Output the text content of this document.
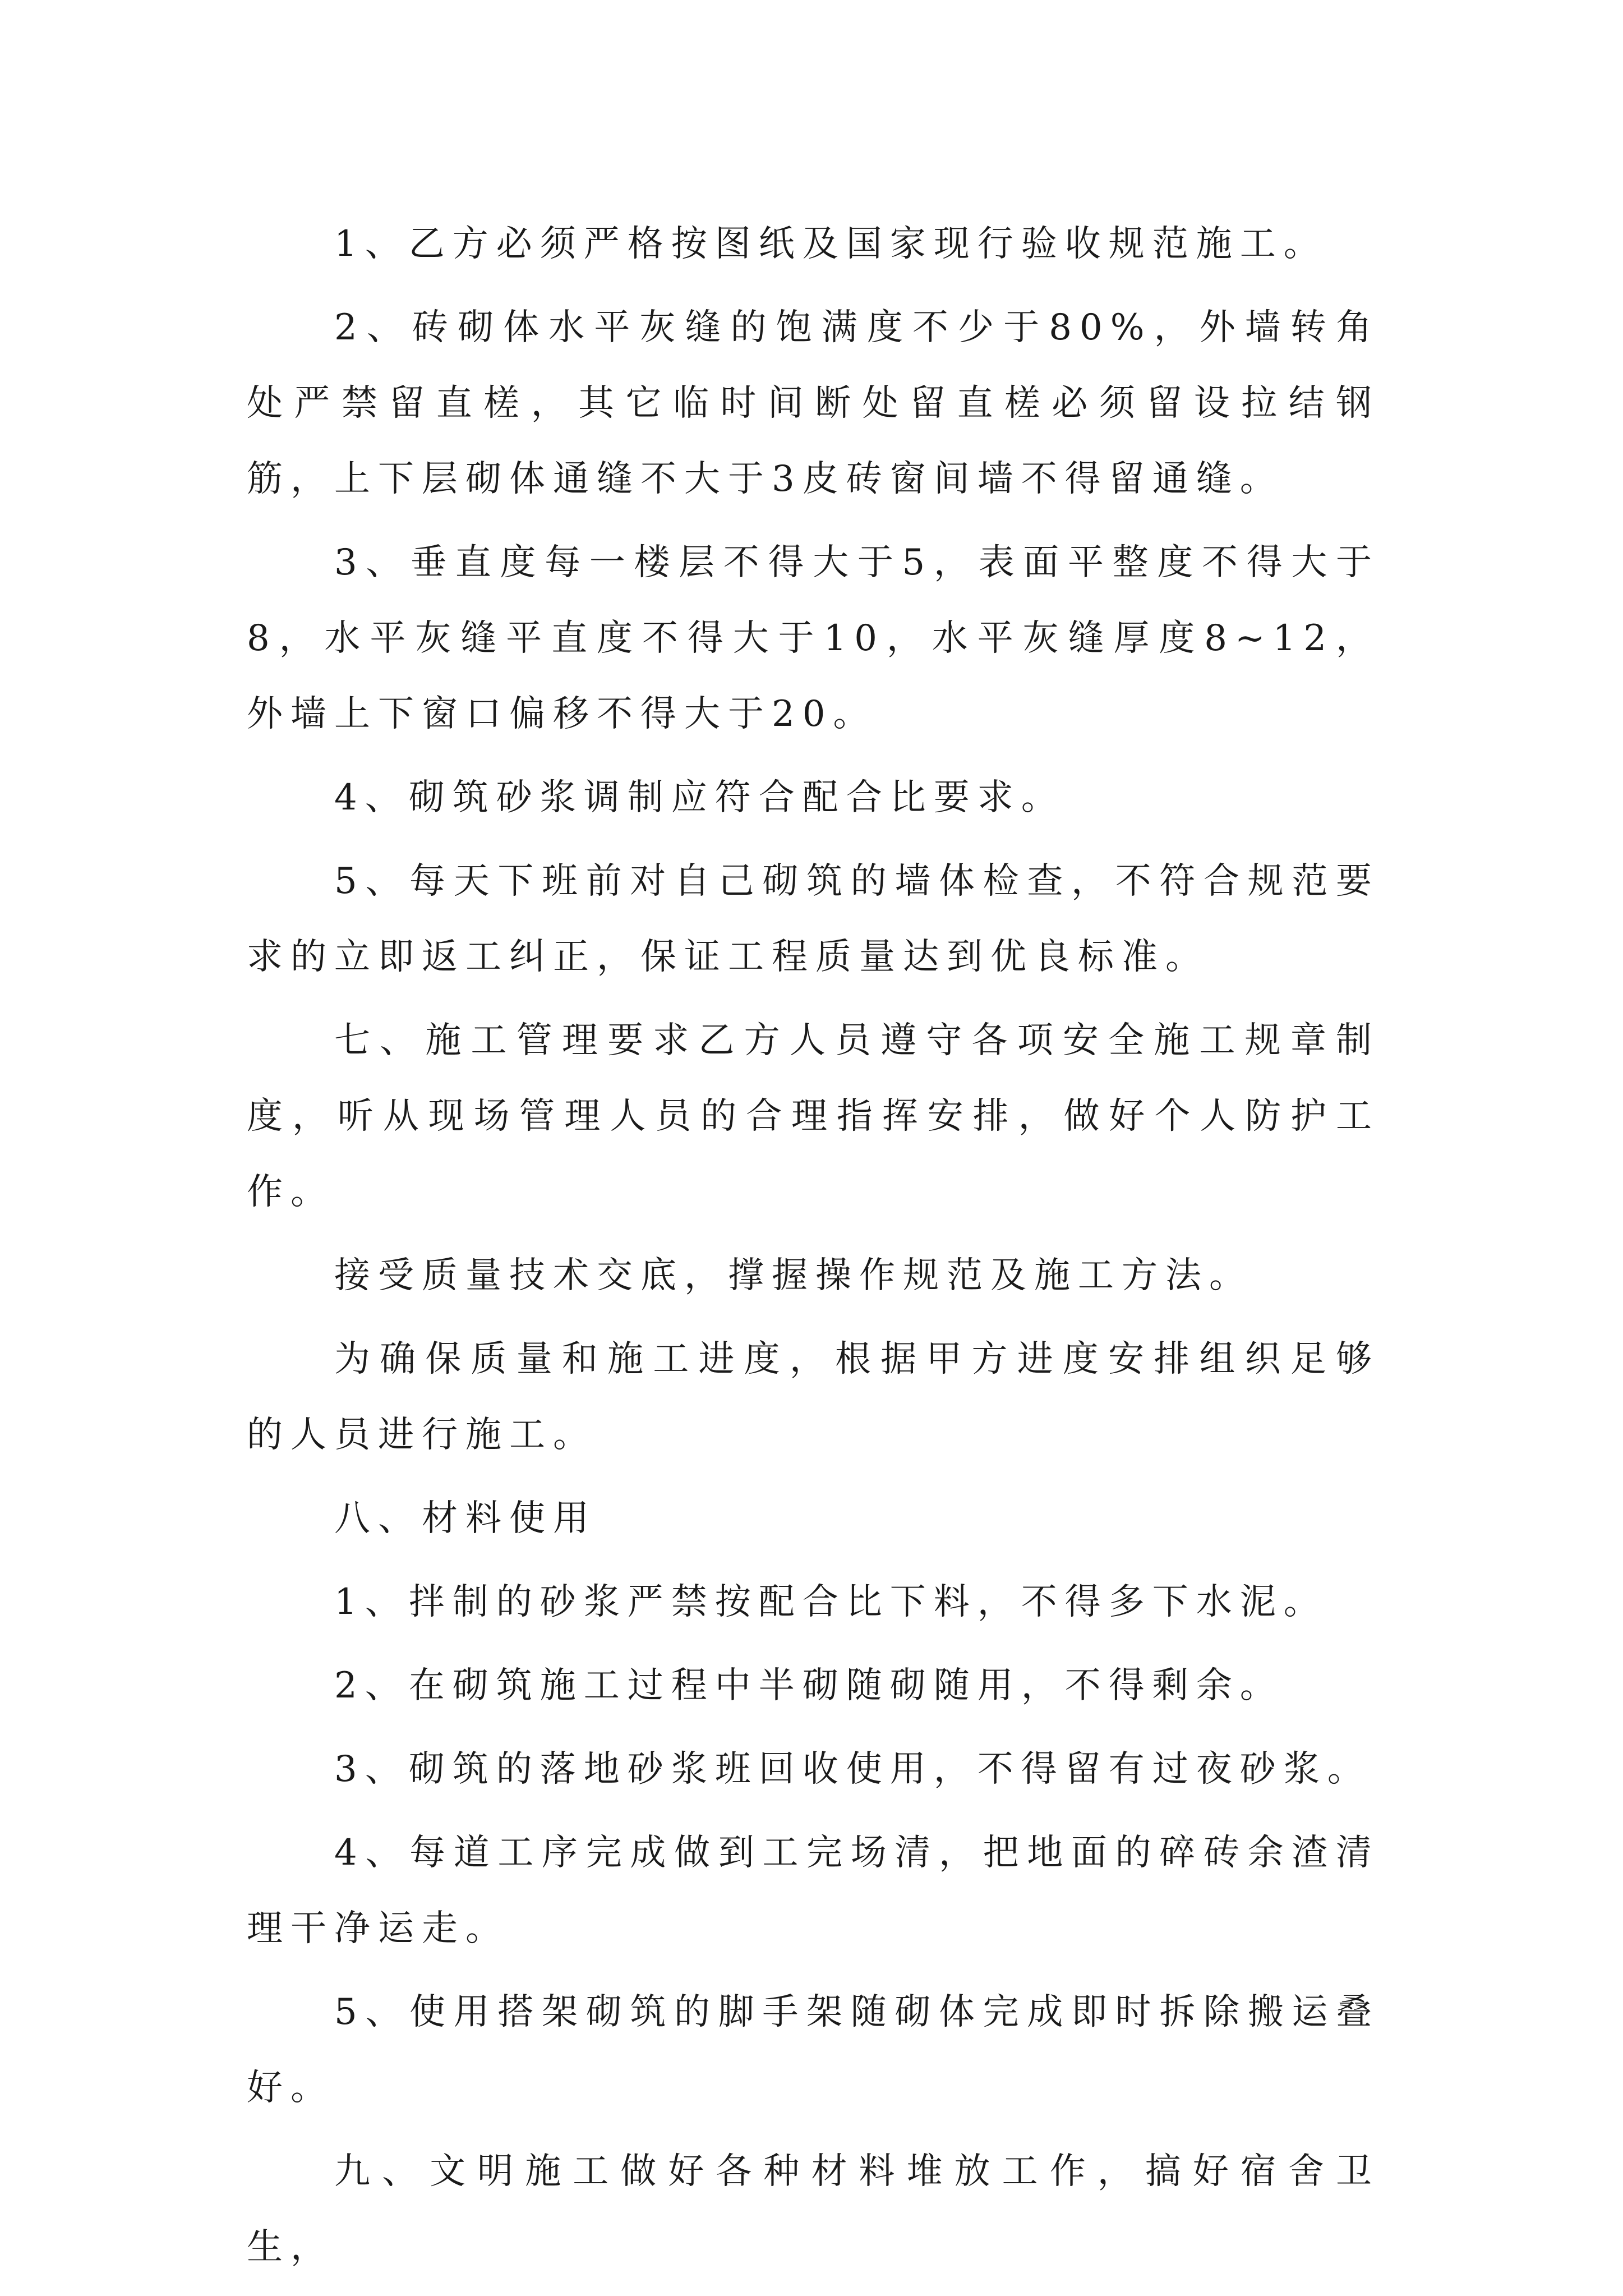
1、乙方必须严格按图纸及国家现行验收规范施工。

2、砖砌体水平灰缝的饱满度不少于80%，外墙转角处严禁留直槎，其它临时间断处留直槎必须留设拉结钢筋，上下层砌体通缝不大于3皮砖窗间墙不得留通缝。

3、垂直度每一楼层不得大于5，表面平整度不得大于8，水平灰缝平直度不得大于10，水平灰缝厚度8~12，外墙上下窗口偏移不得大于20。

4、砌筑砂浆调制应符合配合比要求。

5、每天下班前对自己砌筑的墙体检查，不符合规范要求的立即返工纠正，保证工程质量达到优良标准。

七、施工管理要求乙方人员遵守各项安全施工规章制度，听从现场管理人员的合理指挥安排，做好个人防护工作。

接受质量技术交底，撑握操作规范及施工方法。

为确保质量和施工进度，根据甲方进度安排组织足够的人员进行施工。

八、材料使用

1、拌制的砂浆严禁按配合比下料，不得多下水泥。

2、在砌筑施工过程中半砌随砌随用，不得剩余。

3、砌筑的落地砂浆班回收使用，不得留有过夜砂浆。

4、每道工序完成做到工完场清，把地面的碎砖余渣清理干净运走。

5、使用搭架砌筑的脚手架随砌体完成即时拆除搬运叠好。

九、文明施工做好各种材料堆放工作，搞好宿舍卫生，
